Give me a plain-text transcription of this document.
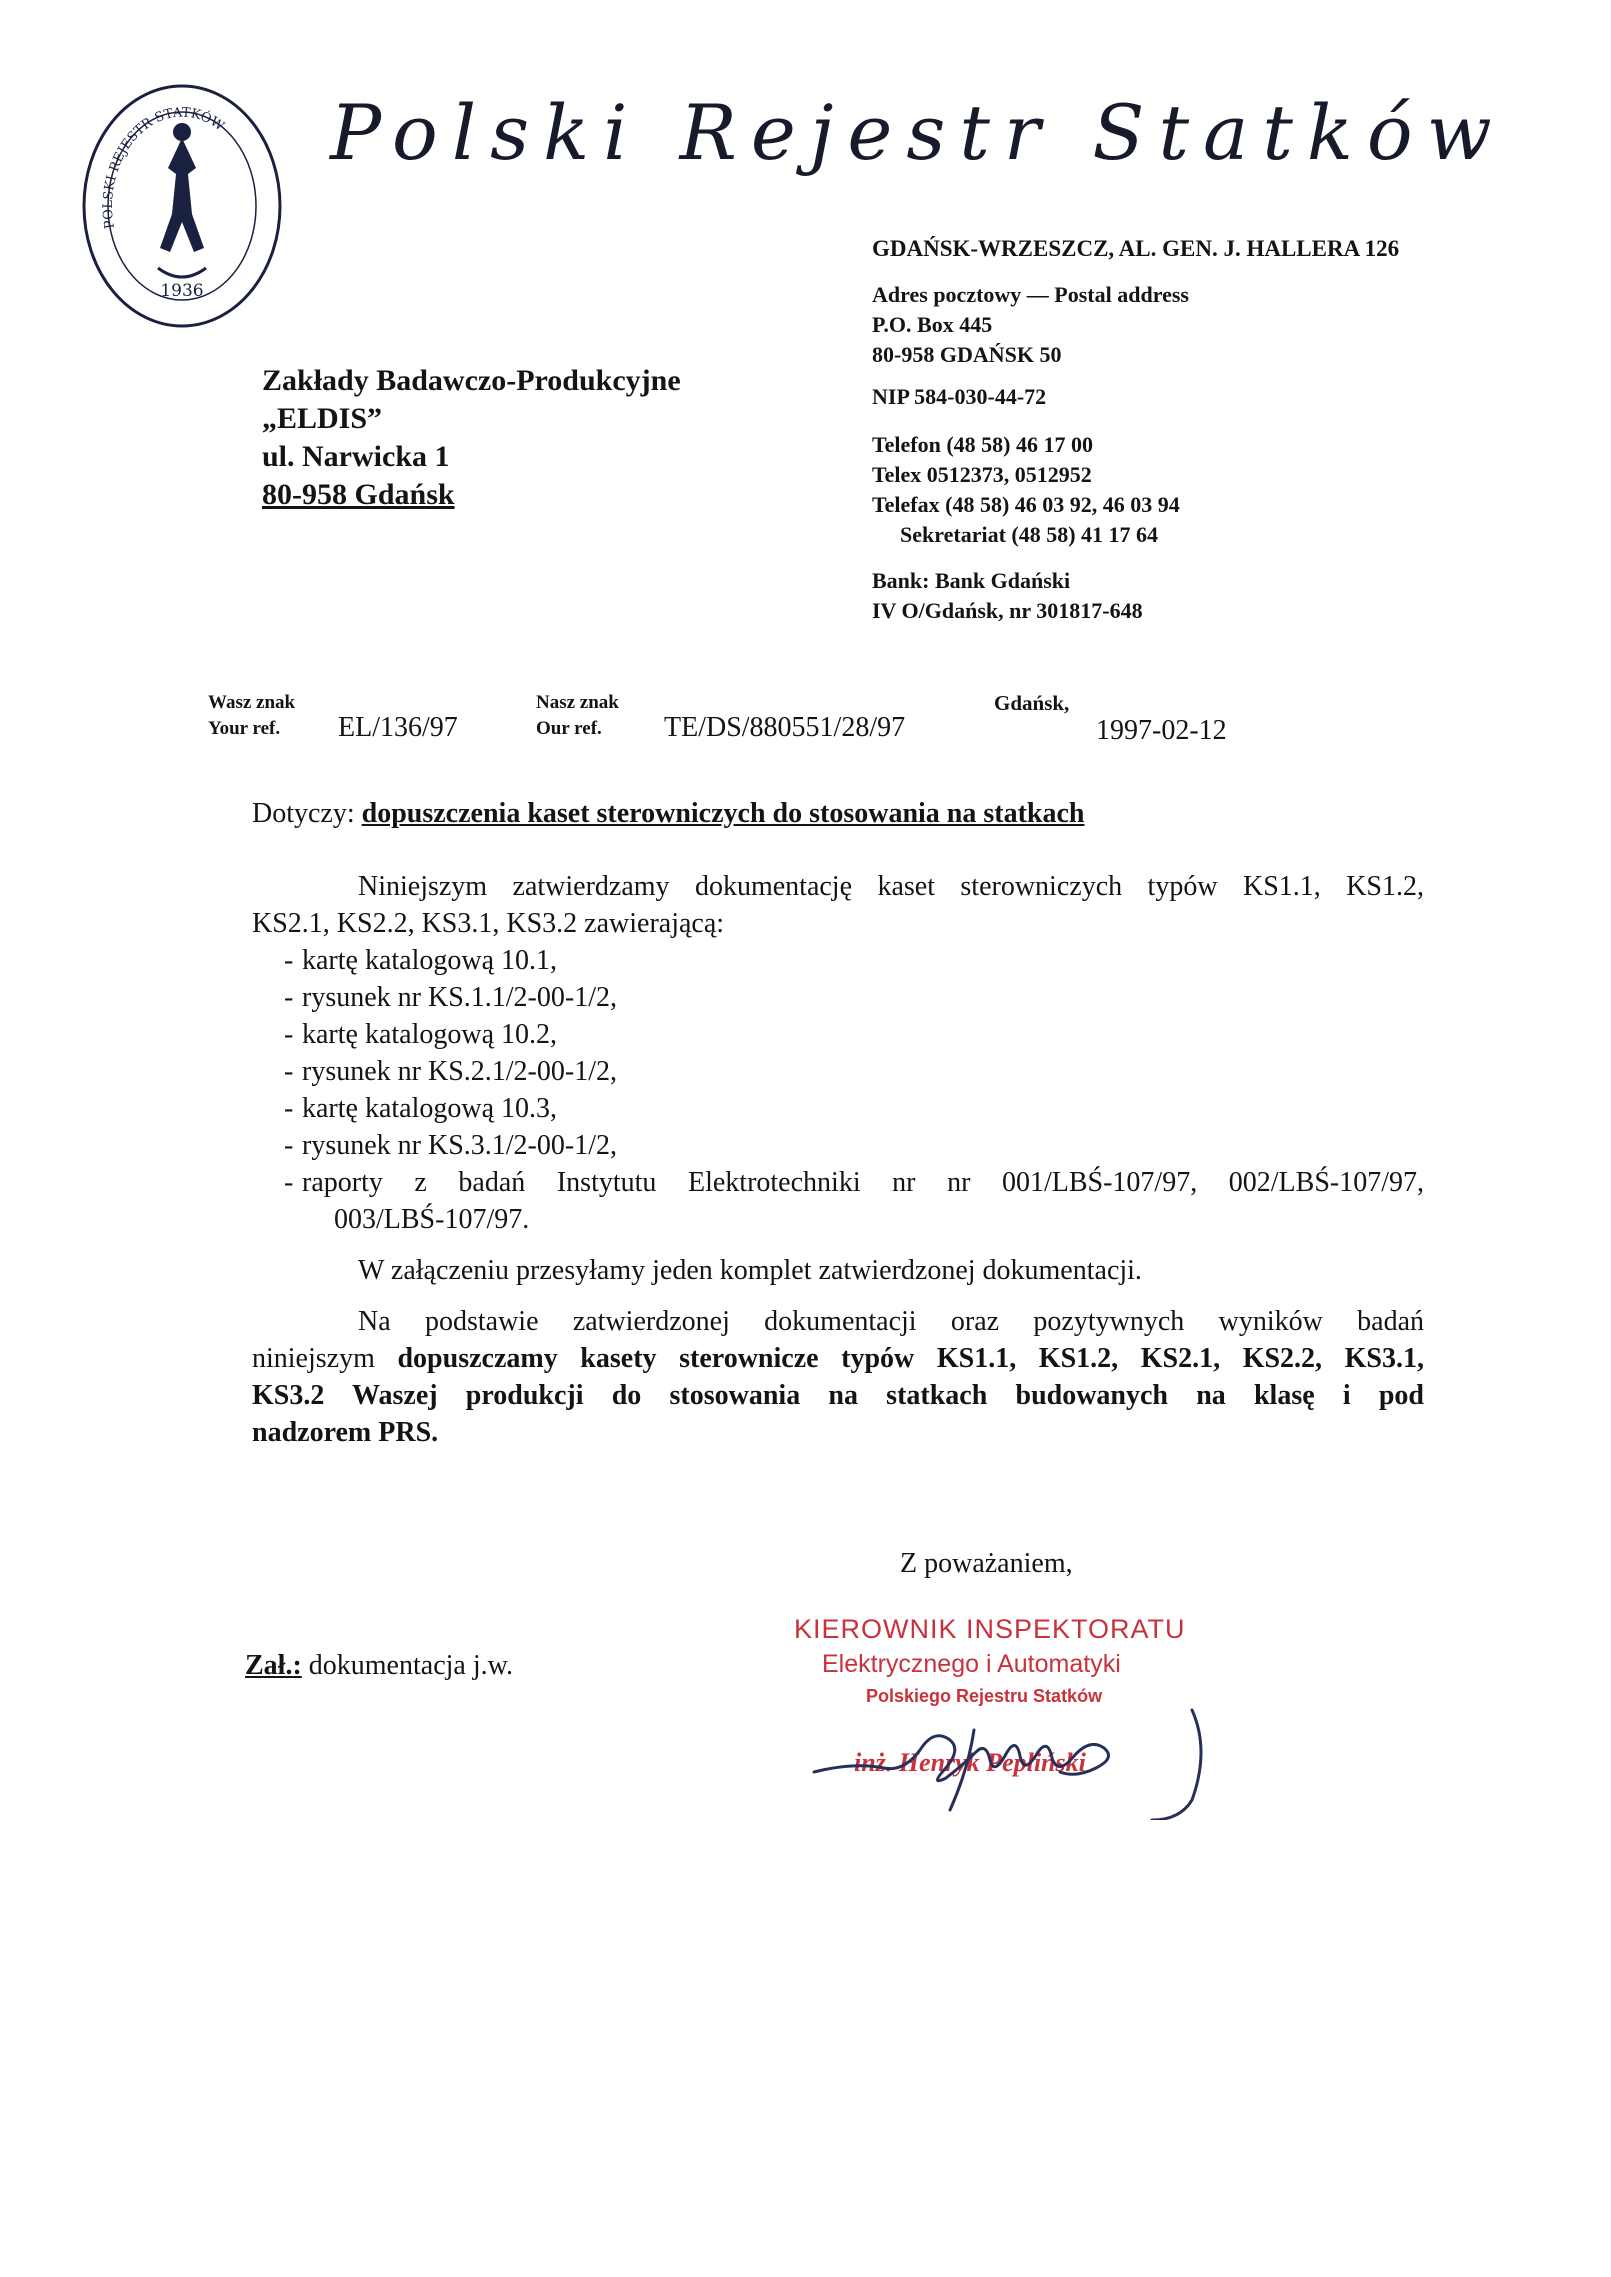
1936
POLSKI REJESTR STATKÓW Polski Rejestr Statków
GDAŃSK-WRZESZCZ, AL. GEN. J. HALLERA 126
Adres pocztowy — Postal address
P.O. Box 445
80-958 GDAŃSK 50
NIP 584-030-44-72
Telefon (48 58) 46 17 00
Telex 0512373, 0512952
Telefax (48 58) 46 03 92, 46 03 94
Sekretariat (48 58) 41 17 64
Bank: Bank Gdański
IV O/Gdańsk, nr 301817-648
Zakłady Badawczo-Produkcyjne
„ELDIS”
ul. Narwicka 1
80-958 Gdańsk
Wasz znak
Your ref.	EL/136/97
Nasz znak
Our ref.	TE/DS/880551/28/97
Gdańsk,
1997-02-12
Dotyczy: dopuszczenia kaset sterowniczych do stosowania na statkach
Niniejszym zatwierdzamy dokumentację kaset sterowniczych typów KS1.1, KS1.2,
KS2.1, KS2.2, KS3.1, KS3.2 zawierającą:
- kartę katalogową 10.1,
- rysunek nr KS.1.1/2-00-1/2,
- kartę katalogową 10.2,
- rysunek nr KS.2.1/2-00-1/2,
- kartę katalogową 10.3,
- rysunek nr KS.3.1/2-00-1/2,
- raporty z badań Instytutu Elektrotechniki nr nr 001/LBŚ-107/97, 002/LBŚ-107/97,
003/LBŚ-107/97.
W załączeniu przesyłamy jeden komplet zatwierdzonej dokumentacji.
Na podstawie zatwierdzonej dokumentacji oraz pozytywnych wyników badań
niniejszym dopuszczamy kasety sterownicze typów KS1.1, KS1.2, KS2.1, KS2.2, KS3.1,
KS3.2 Waszej produkcji do stosowania na statkach budowanych na klasę i pod
nadzorem PRS.
Z poważaniem,
Zał.: dokumentacja j.w.
KIEROWNIK INSPEKTORATU
Elektrycznego i Automatyki
Polskiego Rejestru Statków
inż. Henryk Pepliński
